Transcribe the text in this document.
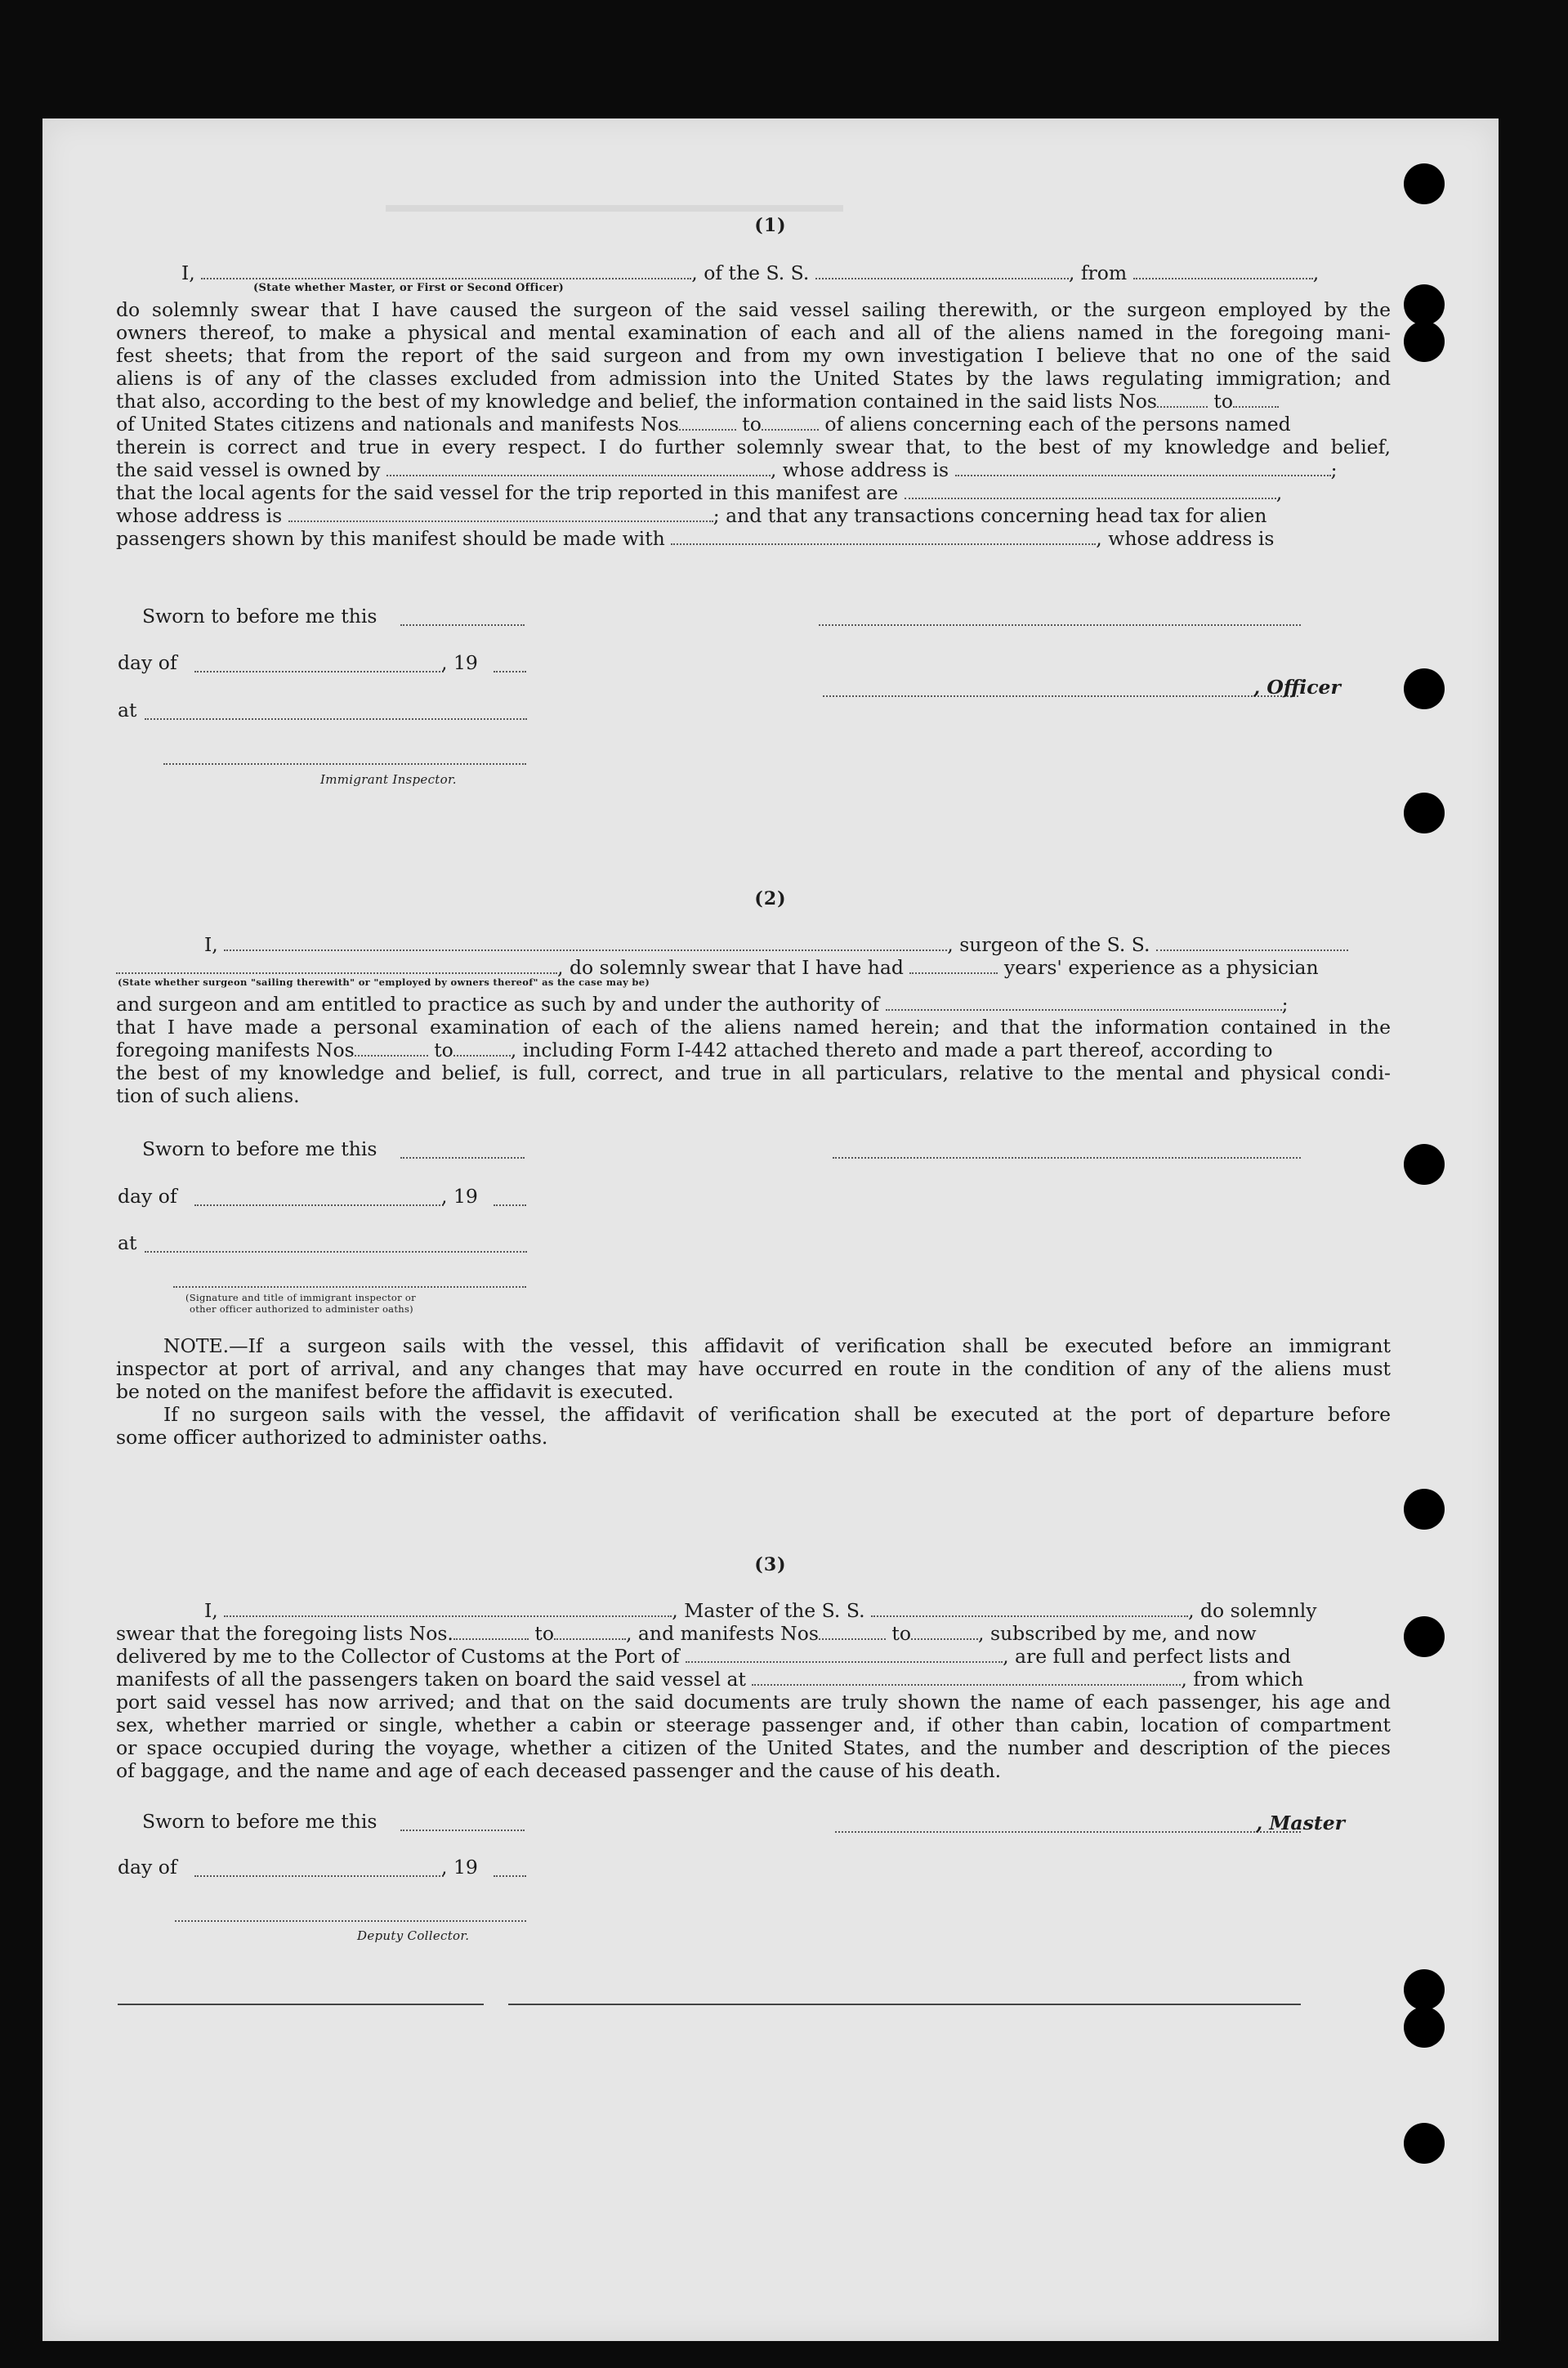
(1)
I,	, of the S. S.	, from	,
(State whether Master, or First or Second Officer)
do solemnly swear that I have caused the surgeon of the said vessel sailing therewith, or the surgeon employed by the
owners thereof, to make a physical and mental examination of each and all of the aliens named in the foregoing mani-
fest sheets; that from the report of the said surgeon and from my own investigation I believe that no one of the said
aliens is of any of the classes excluded from admission into the United States by the laws regulating immigration; and
that also, according to the best of my knowledge and belief, the information contained in the said lists Nos	to
of United States citizens and nationals and manifests Nos	to	of aliens concerning each of the persons named
therein is correct and true in every respect. I do further solemnly swear that, to the best of my knowledge and belief,
the said vessel is owned by	, whose address is	;
that the local agents for the said vessel for the trip reported in this manifest are	,
whose address is	; and that any transactions concerning head tax for alien
passengers shown by this manifest should be made with	, whose address is
Sworn to before me this
day of	, 19
, Officer
at
Immigrant Inspector.
(2)
I,	, surgeon of the S. S.
, do solemnly swear that I have had	years' experience as a physician
(State whether surgeon "sailing therewith" or "employed by owners thereof" as the case may be)
and surgeon and am entitled to practice as such by and under the authority of	;
that I have made a personal examination of each of the aliens named herein; and that the information contained in the
foregoing manifests Nos	to	, including Form I-442 attached thereto and made a part thereof, according to
the best of my knowledge and belief, is full, correct, and true in all particulars, relative to the mental and physical condi-
tion of such aliens.
Sworn to before me this
day of	, 19
at
(Signature and title of immigrant inspector or
other officer authorized to administer oaths)
NOTE.—If a surgeon sails with the vessel, this affidavit of verification shall be executed before an immigrant
inspector at port of arrival, and any changes that may have occurred en route in the condition of any of the aliens must
be noted on the manifest before the affidavit is executed.
If no surgeon sails with the vessel, the affidavit of verification shall be executed at the port of departure before
some officer authorized to administer oaths.
(3)
I,	, Master of the S. S.	, do solemnly
swear that the foregoing lists Nos.	to	, and manifests Nos	to	, subscribed by me, and now
delivered by me to the Collector of Customs at the Port of	, are full and perfect lists and
manifests of all the passengers taken on board the said vessel at	, from which
port said vessel has now arrived; and that on the said documents are truly shown the name of each passenger, his age and
sex, whether married or single, whether a cabin or steerage passenger and, if other than cabin, location of compartment
or space occupied during the voyage, whether a citizen of the United States, and the number and description of the pieces
of baggage, and the name and age of each deceased passenger and the cause of his death.
Sworn to before me this	, Master
day of	, 19
Deputy Collector.
